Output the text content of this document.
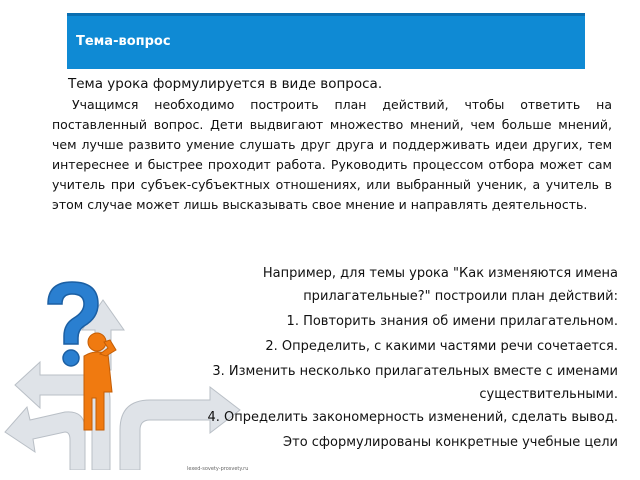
Тема-вопрос
Тема урока формулируется в виде вопроса.

Учащимся необходимо построить план действий, чтобы ответить на поставленный вопрос. Дети выдвигают множество мнений, чем больше мнений, чем лучше развито умение слушать друг друга и поддерживать идеи других, тем интереснее и быстрее проходит работа. Руководить процессом отбора может сам учитель при субъек-субъектных отношениях, или выбранный ученик, а учитель в этом случае может лишь высказывать свое мнение и направлять деятельность.

Например, для темы урока "Как изменяются имена
прилагательные?" построили план действий:
1. Повторить знания об имени прилагательном.
2. Определить, с какими частями речи сочетается.
3. Изменить несколько прилагательных вместе с именами
существительными.
4. Определить закономерность изменений, сделать вывод.
Это сформулированы конкретные учебные цели
lexed-sovety-prosvety.ru
